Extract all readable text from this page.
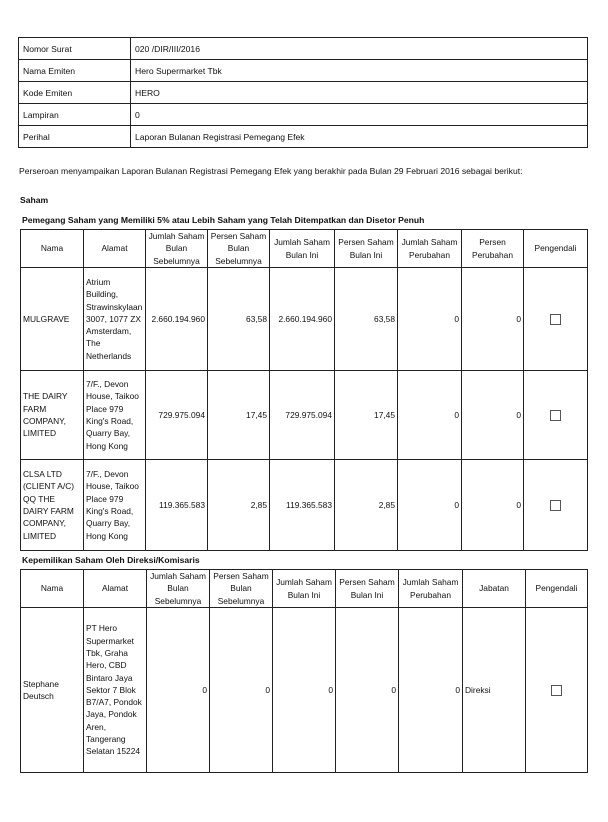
Nomor Surat	020 /DIR/III/2016
Nama Emiten	Hero Supermarket Tbk
Kode Emiten	HERO
Lampiran	0
Perihal	Laporan Bulanan Registrasi Pemegang Efek
Perseroan menyampaikan Laporan Bulanan Registrasi Pemegang Efek yang berakhir pada Bulan 29 Februari 2016 sebagai berikut:
Saham
Pemegang Saham yang Memiliki 5% atau Lebih Saham yang Telah Ditempatkan dan Disetor Penuh
Nama	Alamat	Jumlah Saham Bulan Sebelumnya	Persen Saham Bulan Sebelumnya	Jumlah Saham Bulan Ini	Persen Saham Bulan Ini	Jumlah Saham Perubahan	Persen Perubahan	Pengendali
MULGRAVE	Atrium Building, Strawinskylaan 3007, 1077 ZX Amsterdam, The Netherlands	2.660.194.960	63,58	2.660.194.960	63,58	0	0	
THE DAIRY FARM COMPANY, LIMITED	7/F., Devon House, Taikoo Place 979 King's Road, Quarry Bay, Hong Kong	729.975.094	17,45	729.975.094	17,45	0	0	
CLSA LTD (CLIENT A/C) QQ THE DAIRY FARM COMPANY, LIMITED	7/F., Devon House, Taikoo Place 979 King's Road, Quarry Bay, Hong Kong	119.365.583	2,85	119.365.583	2,85	0	0	
Kepemilikan Saham Oleh Direksi/Komisaris
Nama	Alamat	Jumlah Saham Bulan Sebelumnya	Persen Saham Bulan Sebelumnya	Jumlah Saham Bulan Ini	Persen Saham Bulan Ini	Jumlah Saham Perubahan	Jabatan	Pengendali
Stephane Deutsch	PT Hero Supermarket Tbk, Graha Hero, CBD Bintaro Jaya Sektor 7 Blok B7/A7, Pondok Jaya, Pondok Aren, Tangerang Selatan 15224	0	0	0	0	0	Direksi	
